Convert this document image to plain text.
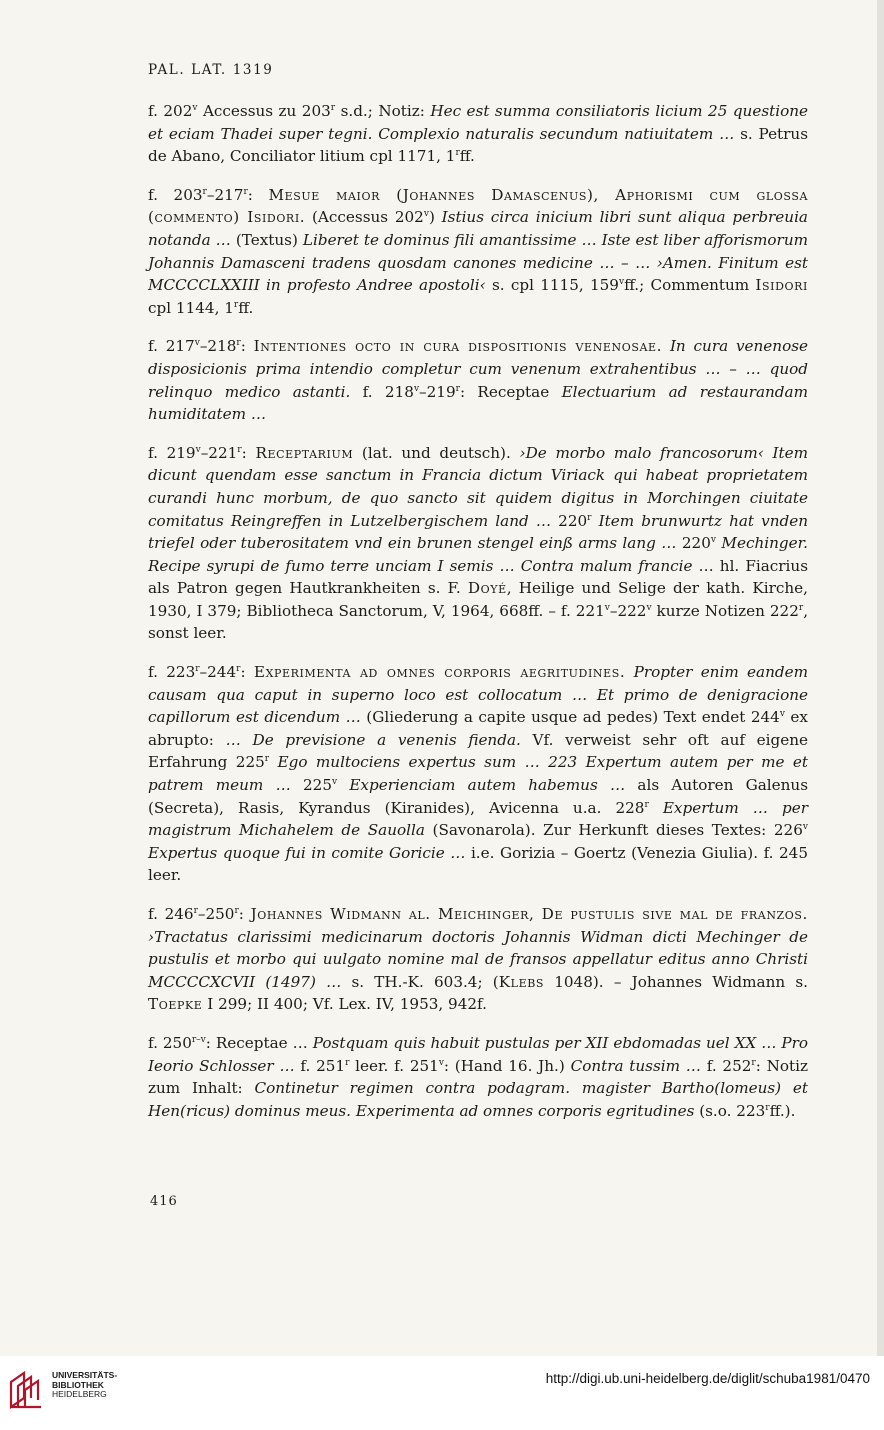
PAL. LAT. 1319

f. 202$^v$ Accessus zu 203$^r$ s.d.; Notiz: Hec est summa consiliatoris licium 25 questione et eciam Thadei super tegni. Complexio naturalis secundum natiuitatem … s. Petrus de Abano, Conciliator litium cpl 1171, 1$^r$ff.

f. 203$^r$–217$^r$: Mesue maior (Johannes Damascenus), Aphorismi cum glossa (commento) Isidori. (Accessus 202$^v$) Istius circa inicium libri sunt aliqua perbreuia notanda … (Textus) Liberet te dominus fili amantissime … Iste est liber afforismorum Johannis Damasceni tradens quosdam canones medicine … – … ›Amen. Finitum est MCCCCLXXIII in profesto Andree apostoli‹ s. cpl 1115, 159$^v$ff.; Commentum Isidori cpl 1144, 1$^r$ff.

f. 217$^v$–218$^r$: Intentiones octo in cura dispositionis venenosae. In cura venenose disposicionis prima intendio completur cum venenum extrahentibus … – … quod relinquo medico astanti. f. 218$^v$–219$^r$: Receptae Electuarium ad restaurandam humiditatem …

f. 219$^v$–221$^r$: Receptarium (lat. und deutsch). ›De morbo malo francosorum‹ Item dicunt quendam esse sanctum in Francia dictum Viriack qui habeat proprietatem curandi hunc morbum, de quo sancto sit quidem digitus in Morchingen ciuitate comitatus Reingreffen in Lutzelbergischem land … 220$^r$ Item brunwurtz hat vnden triefel oder tuberositatem vnd ein brunen stengel einß arms lang … 220$^v$ Mechinger. Recipe syrupi de fumo terre unciam I semis … Contra malum francie … hl. Fiacrius als Patron gegen Hautkrankheiten s. F. Doyé, Heilige und Selige der kath. Kirche, 1930, I 379; Bibliotheca Sanctorum, V, 1964, 668ff. – f. 221$^v$–222$^v$ kurze Notizen 222$^r$, sonst leer.

f. 223$^r$–244$^r$: Experimenta ad omnes corporis aegritudines. Propter enim eandem causam qua caput in superno loco est collocatum … Et primo de denigracione capillorum est dicendum … (Gliederung a capite usque ad pedes) Text endet 244$^v$ ex abrupto: … De previsione a venenis fienda. Vf. verweist sehr oft auf eigene Erfahrung 225$^r$ Ego multociens expertus sum … 223 Expertum autem per me et patrem meum … 225$^v$ Experienciam autem habemus … als Autoren Galenus (Secreta), Rasis, Kyrandus (Kiranides), Avicenna u.a. 228$^r$ Expertum … per magistrum Michahelem de Sauolla (Savonarola). Zur Herkunft dieses Textes: 226$^v$ Expertus quoque fui in comite Goricie … i.e. Gorizia – Goertz (Venezia Giulia). f. 245 leer.

f. 246$^r$–250$^r$: Johannes Widmann al. Meichinger, De pustulis sive mal de franzos. ›Tractatus clarissimi medicinarum doctoris Johannis Widman dicti Mechinger de pustulis et morbo qui uulgato nomine mal de fransos appellatur editus anno Christi MCCCCXCVII (1497) … s. TH.-K. 603.4; (Klebs 1048). – Johannes Widmann s. Toepke I 299; II 400; Vf. Lex. IV, 1953, 942f.

f. 250$^{r-v}$: Receptae … Postquam quis habuit pustulas per XII ebdomadas uel XX … Pro Ieorio Schlosser … f. 251$^r$ leer. f. 251$^v$: (Hand 16. Jh.) Contra tussim … f. 252$^r$: Notiz zum Inhalt: Continetur regimen contra podagram. magister Bartho(lomeus) et Hen(ricus) dominus meus. Experimenta ad omnes corporis egritudines (s.o. 223$^r$ff.).

416
UNIVERSITÄTS-
BIBLIOTHEK
HEIDELBERG
http://digi.ub.uni-heidelberg.de/diglit/schuba1981/0470
